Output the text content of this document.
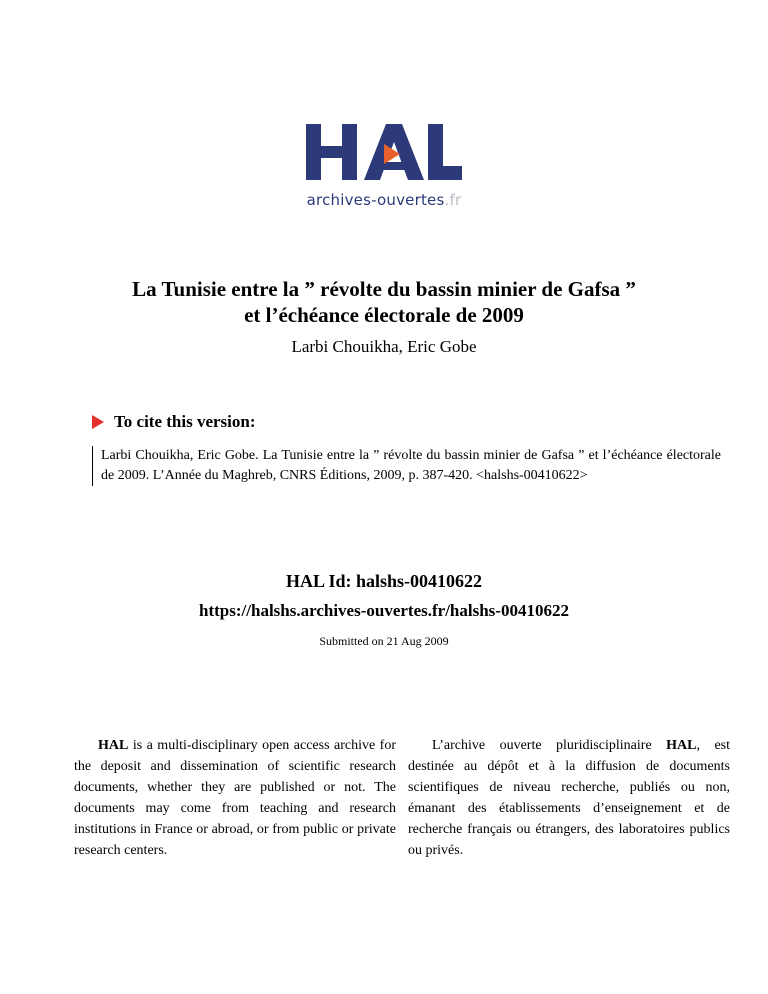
archives-ouvertes.fr
La Tunisie entre la ” révolte du bassin minier de Gafsa ”
et l’échéance électorale de 2009
Larbi Chouikha, Eric Gobe
To cite this version:
Larbi Chouikha, Eric Gobe. La Tunisie entre la ” révolte du bassin minier de Gafsa ” et l’échéance électorale de 2009. L’Année du Maghreb, CNRS Éditions, 2009, p. 387-420. <halshs-00410622>
HAL Id: halshs-00410622
https://halshs.archives-ouvertes.fr/halshs-00410622
Submitted on 21 Aug 2009
HAL is a multi-disciplinary open access archive for the deposit and dissemination of scientific research documents, whether they are published or not. The documents may come from teaching and research institutions in France or abroad, or from public or private research centers.
L’archive ouverte pluridisciplinaire HAL, est destinée au dépôt et à la diffusion de documents scientifiques de niveau recherche, publiés ou non, émanant des établissements d’enseignement et de recherche français ou étrangers, des laboratoires publics ou privés.
